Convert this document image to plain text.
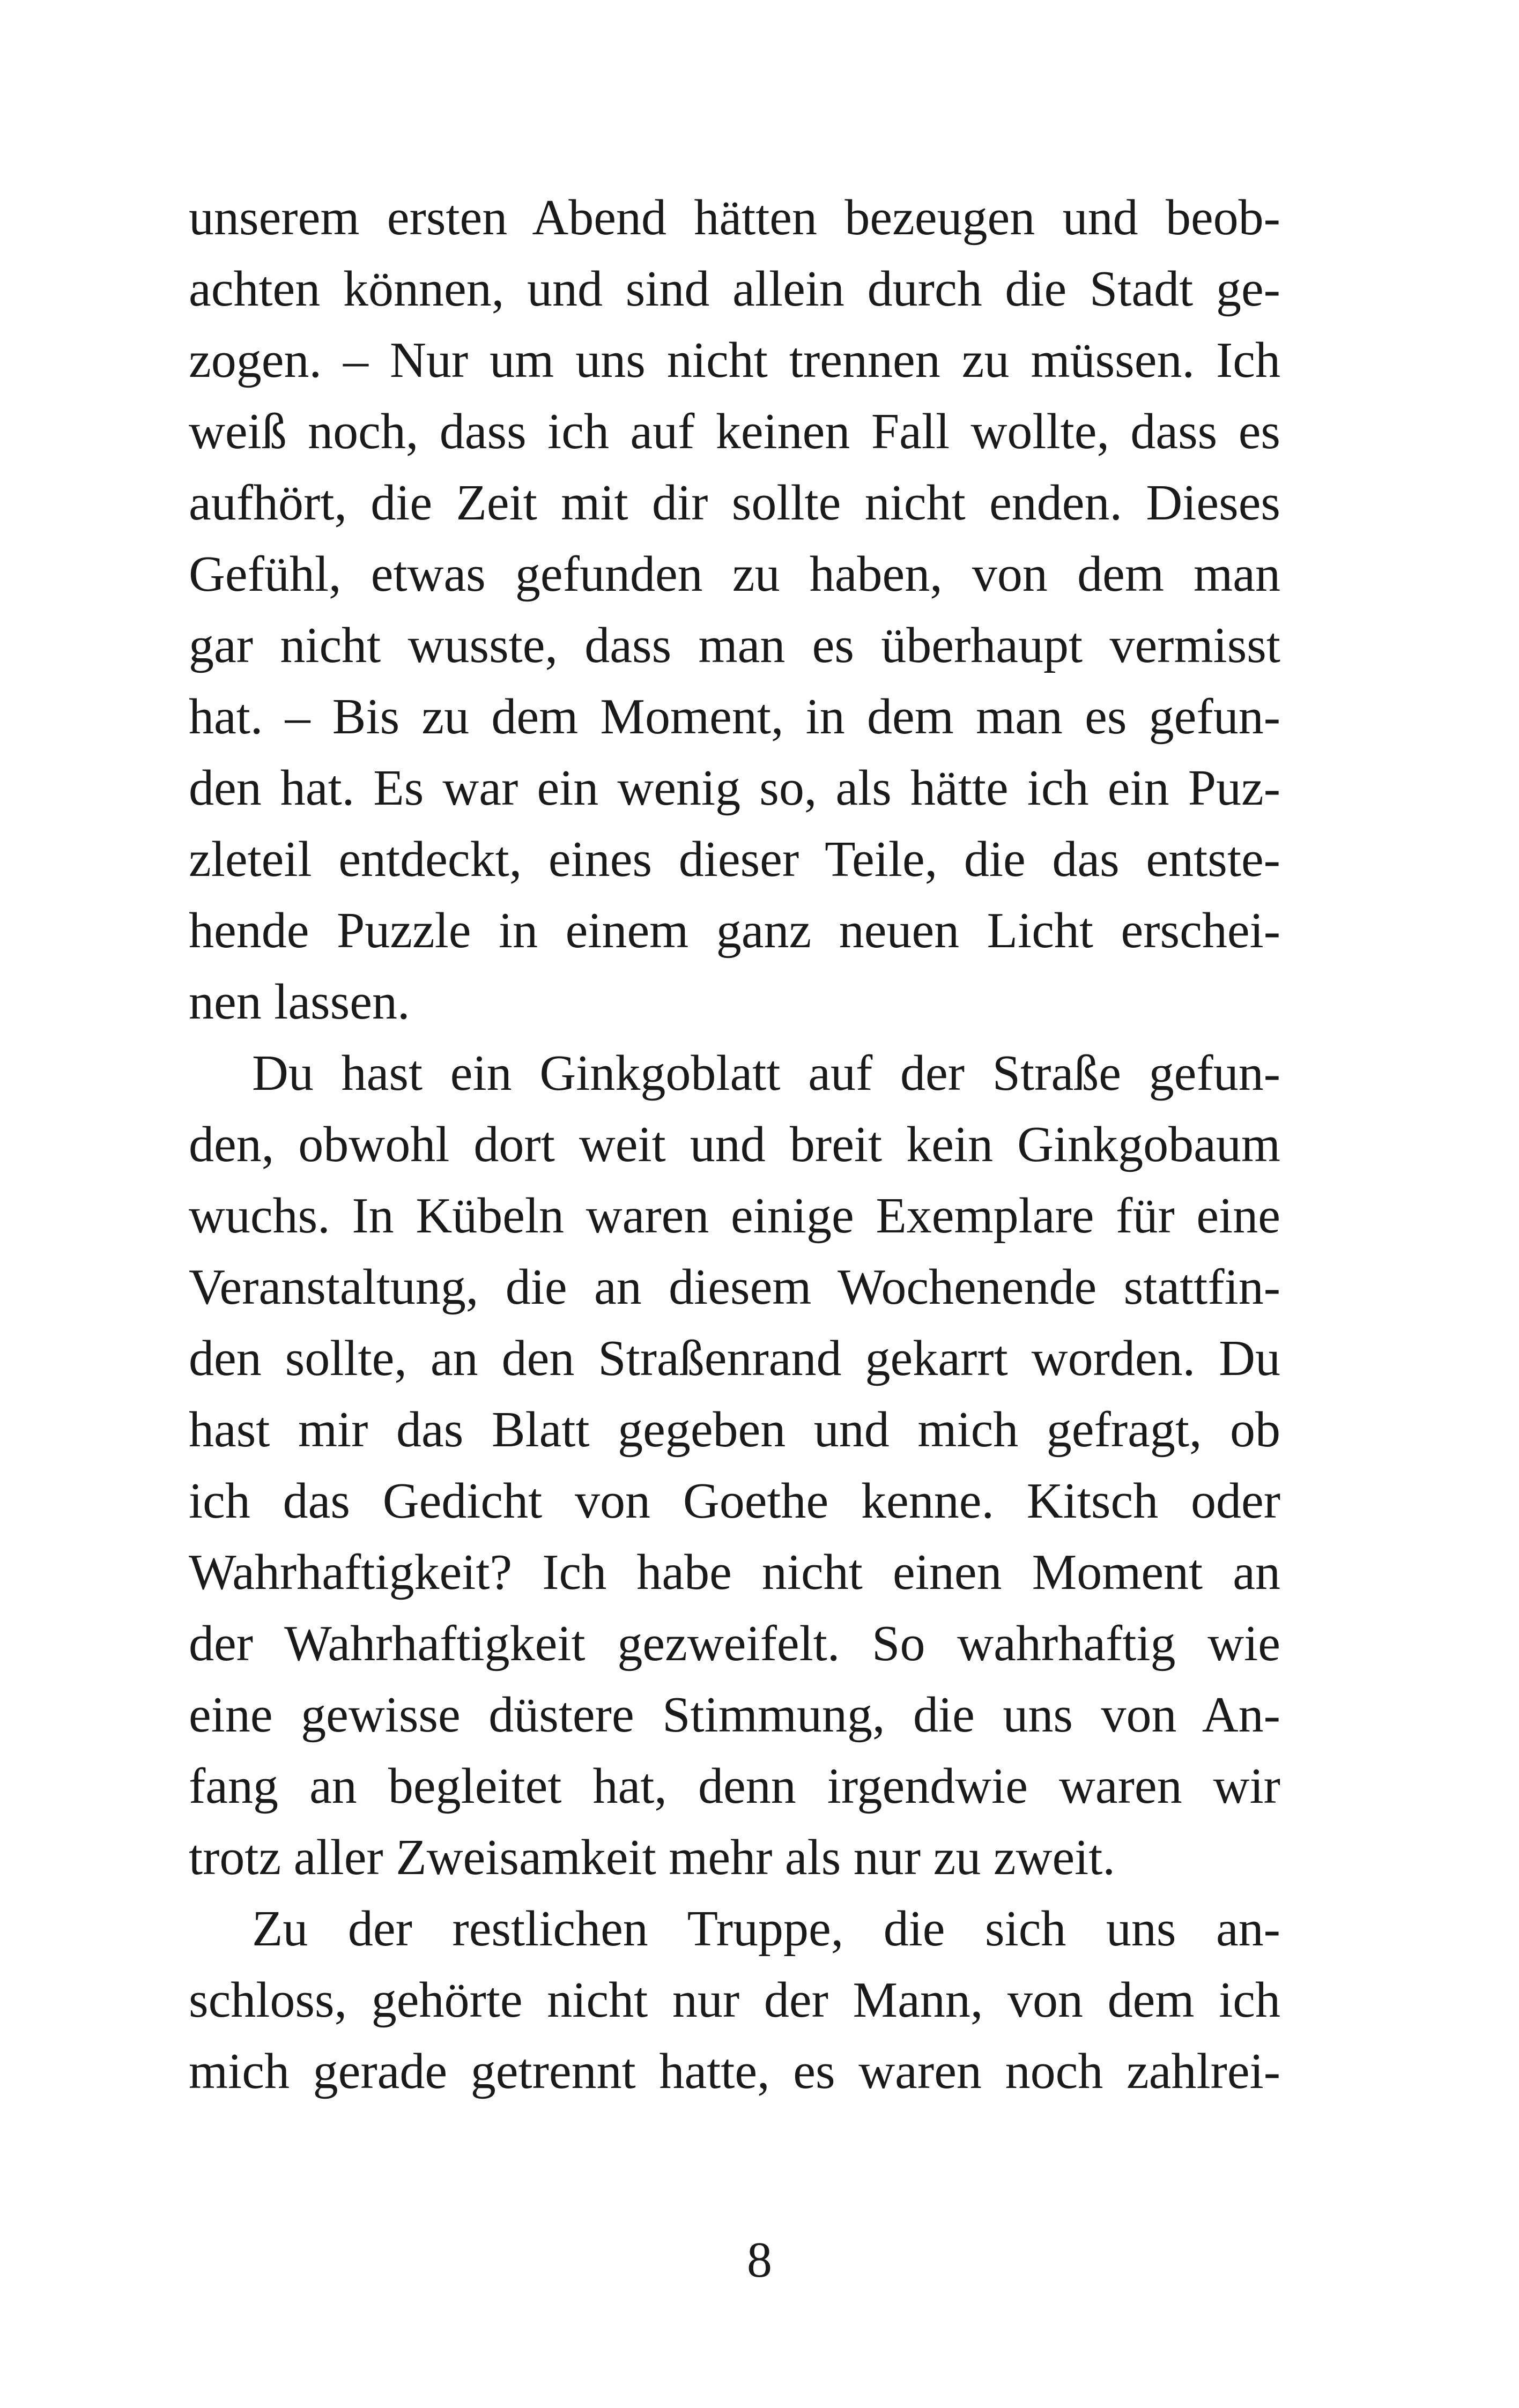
unserem ersten Abend hätten bezeugen und beob-
achten können, und sind allein durch die Stadt ge-
zogen. – Nur um uns nicht trennen zu müssen. Ich
weiß noch, dass ich auf keinen Fall wollte, dass es
aufhört, die Zeit mit dir sollte nicht enden. Dieses
Gefühl, etwas gefunden zu haben, von dem man
gar nicht wusste, dass man es überhaupt vermisst
hat. – Bis zu dem Moment, in dem man es gefun-
den hat. Es war ein wenig so, als hätte ich ein Puz-
zleteil entdeckt, eines dieser Teile, die das entste-
hende Puzzle in einem ganz neuen Licht erschei-
nen lassen.
Du hast ein Ginkgoblatt auf der Straße gefun-
den, obwohl dort weit und breit kein Ginkgobaum
wuchs. In Kübeln waren einige Exemplare für eine
Veranstaltung, die an diesem Wochenende stattfin-
den sollte, an den Straßenrand gekarrt worden. Du
hast mir das Blatt gegeben und mich gefragt, ob
ich das Gedicht von Goethe kenne. Kitsch oder
Wahrhaftigkeit? Ich habe nicht einen Moment an
der Wahrhaftigkeit gezweifelt. So wahrhaftig wie
eine gewisse düstere Stimmung, die uns von An-
fang an begleitet hat, denn irgendwie waren wir
trotz aller Zweisamkeit mehr als nur zu zweit.
Zu der restlichen Truppe, die sich uns an-
schloss, gehörte nicht nur der Mann, von dem ich
mich gerade getrennt hatte, es waren noch zahlrei-
8
